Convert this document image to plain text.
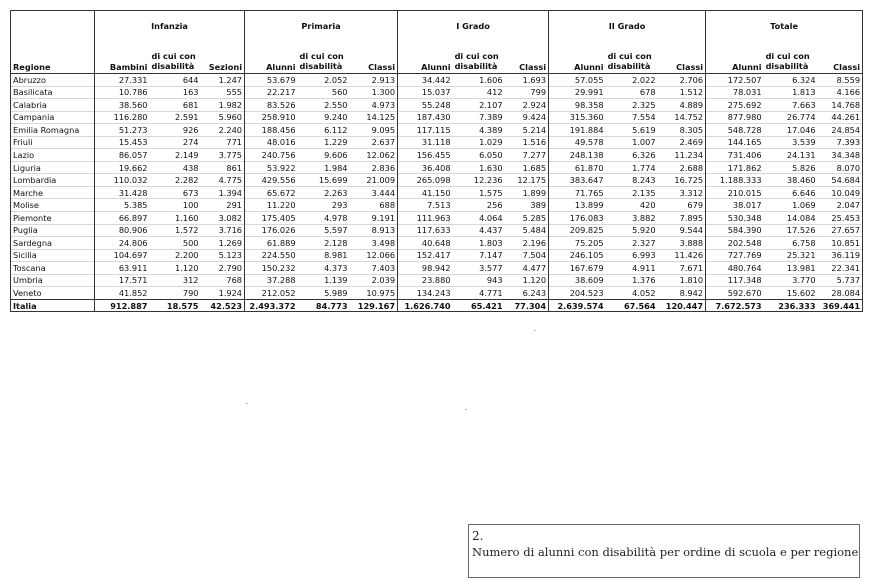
	Infanzia			Primaria			I Grado			II Grado			Totale		
Regione	Bambini	di cui con disabilità	Sezioni	Alunni	di cui con disabilità	Classi	Alunni	di cui con disabilità	Classi	Alunni	di cui con disabilità	Classi	Alunni	di cui con disabilità	Classi
Abruzzo	27.331	644	1.247	53.679	2.052	2.913	34.442	1.606	1.693	57.055	2.022	2.706	172.507	6.324	8.559
Basilicata	10.786	163	555	22.217	560	1.300	15.037	412	799	29.991	678	1.512	78.031	1.813	4.166
Calabria	38.560	681	1.982	83.526	2.550	4.973	55.248	2.107	2.924	98.358	2.325	4.889	275.692	7.663	14.768
Campania	116.280	2.591	5.960	258.910	9.240	14.125	187.430	7.389	9.424	315.360	7.554	14.752	877.980	26.774	44.261
Emilia Romagna	51.273	926	2.240	188.456	6.112	9.095	117.115	4.389	5.214	191.884	5.619	8.305	548.728	17.046	24.854
Friuli	15.453	274	771	48.016	1.229	2.637	31.118	1.029	1.516	49.578	1.007	2.469	144.165	3.539	7.393
Lazio	86.057	2.149	3.775	240.756	9.606	12.062	156.455	6.050	7.277	248.138	6.326	11.234	731.406	24.131	34.348
Liguria	19.662	438	861	53.922	1.984	2.836	36.408	1.630	1.685	61.870	1.774	2.688	171.862	5.826	8.070
Lombardia	110.032	2.282	4.775	429.556	15.699	21.009	265.098	12.236	12.175	383.647	8.243	16.725	1.188.333	38.460	54.684
Marche	31.428	673	1.394	65.672	2.263	3.444	41.150	1.575	1.899	71.765	2.135	3.312	210.015	6.646	10.049
Molise	5.385	100	291	11.220	293	688	7.513	256	389	13.899	420	679	38.017	1.069	2.047
Piemonte	66.897	1.160	3.082	175.405	4.978	9.191	111.963	4.064	5.285	176.083	3.882	7.895	530.348	14.084	25.453
Puglia	80.906	1.572	3.716	176.026	5.597	8.913	117.633	4.437	5.484	209.825	5.920	9.544	584.390	17.526	27.657
Sardegna	24.806	500	1.269	61.889	2.128	3.498	40.648	1.803	2.196	75.205	2.327	3.888	202.548	6.758	10.851
Sicilia	104.697	2.200	5.123	224.550	8.981	12.066	152.417	7.147	7.504	246.105	6.993	11.426	727.769	25.321	36.119
Toscana	63.911	1.120	2.790	150.232	4.373	7.403	98.942	3.577	4.477	167.679	4.911	7.671	480.764	13.981	22.341
Umbria	17.571	312	768	37.288	1.139	2.039	23.880	943	1.120	38.609	1.376	1.810	117.348	3.770	5.737
Veneto	41.852	790	1.924	212.052	5.989	10.975	134.243	4.771	6.243	204.523	4.052	8.942	592.670	15.602	28.084
Italia	912.887	18.575	42.523	2.493.372	84.773	129.167	1.626.740	65.421	77.304	2.639.574	67.564	120.447	7.672.573	236.333	369.441
2.
Numero di alunni con disabilità per ordine di scuola e per regione
